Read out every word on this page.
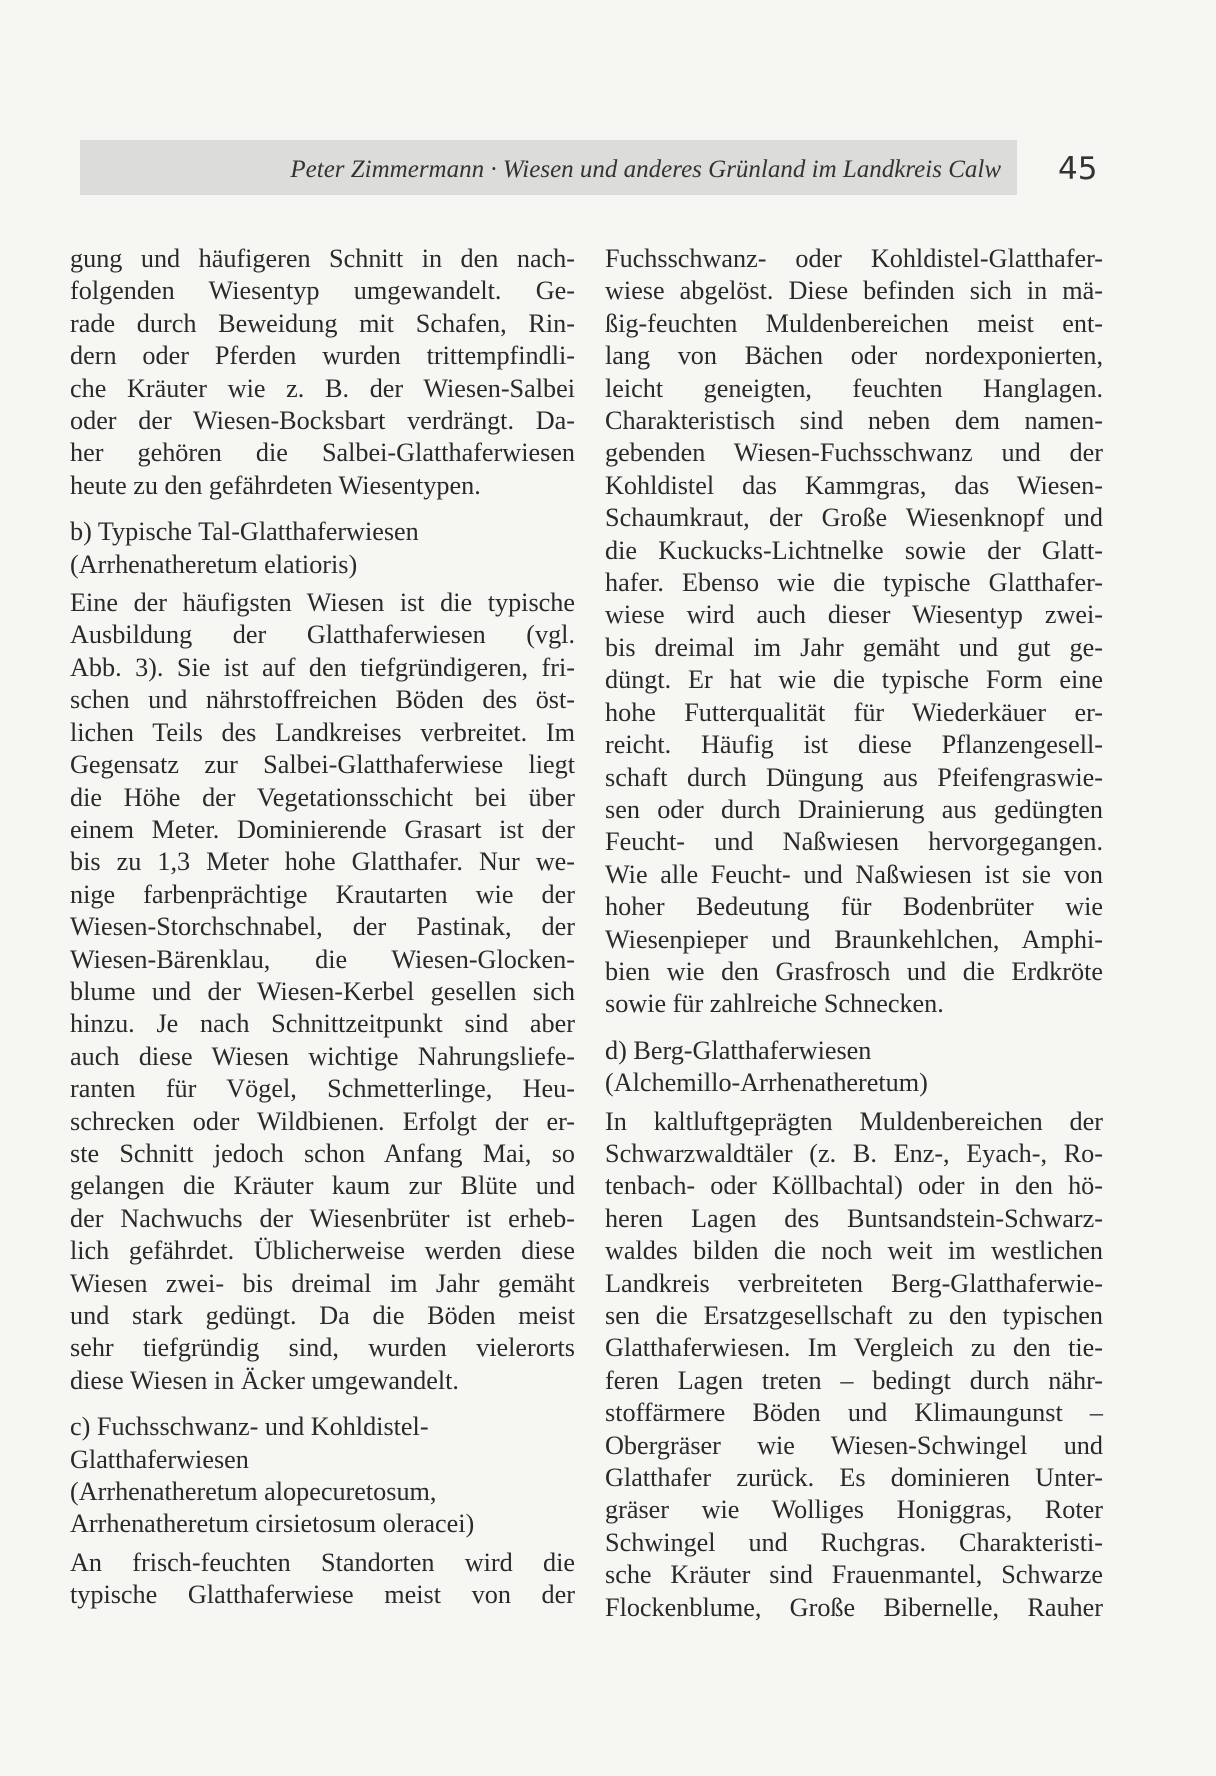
Peter Zimmermann · Wiesen und anderes Grünland im Landkreis Calw 45

gung und häufigeren Schnitt in den nach-
folgenden Wiesentyp umgewandelt. Ge-
rade durch Beweidung mit Schafen, Rin-
dern oder Pferden wurden trittempfindli-
che Kräuter wie z. B. der Wiesen-Salbei
oder der Wiesen-Bocksbart verdrängt. Da-
her gehören die Salbei-Glatthaferwiesen
heute zu den gefährdeten Wiesentypen.

b) Typische Tal-Glatthaferwiesen
(Arrhenatheretum elatioris)

Eine der häufigsten Wiesen ist die typische
Ausbildung der Glatthaferwiesen (vgl.
Abb. 3). Sie ist auf den tiefgründigeren, fri-
schen und nährstoffreichen Böden des öst-
lichen Teils des Landkreises verbreitet. Im
Gegensatz zur Salbei-Glatthaferwiese liegt
die Höhe der Vegetationsschicht bei über
einem Meter. Dominierende Grasart ist der
bis zu 1,3 Meter hohe Glatthafer. Nur we-
nige farbenprächtige Krautarten wie der
Wiesen-Storchschnabel, der Pastinak, der
Wiesen-Bärenklau, die Wiesen-Glocken-
blume und der Wiesen-Kerbel gesellen sich
hinzu. Je nach Schnittzeitpunkt sind aber
auch diese Wiesen wichtige Nahrungsliefe-
ranten für Vögel, Schmetterlinge, Heu-
schrecken oder Wildbienen. Erfolgt der er-
ste Schnitt jedoch schon Anfang Mai, so
gelangen die Kräuter kaum zur Blüte und
der Nachwuchs der Wiesenbrüter ist erheb-
lich gefährdet. Üblicherweise werden diese
Wiesen zwei- bis dreimal im Jahr gemäht
und stark gedüngt. Da die Böden meist
sehr tiefgründig sind, wurden vielerorts
diese Wiesen in Äcker umgewandelt.

c) Fuchsschwanz- und Kohldistel-
Glatthaferwiesen
(Arrhenatheretum alopecuretosum,
Arrhenatheretum cirsietosum oleracei)

An frisch-feuchten Standorten wird die
typische Glatthaferwiese meist von der

Fuchsschwanz- oder Kohldistel-Glatthafer-
wiese abgelöst. Diese befinden sich in mä-
ßig-feuchten Muldenbereichen meist ent-
lang von Bächen oder nordexponierten,
leicht geneigten, feuchten Hanglagen.
Charakteristisch sind neben dem namen-
gebenden Wiesen-Fuchsschwanz und der
Kohldistel das Kammgras, das Wiesen-
Schaumkraut, der Große Wiesenknopf und
die Kuckucks-Lichtnelke sowie der Glatt-
hafer. Ebenso wie die typische Glatthafer-
wiese wird auch dieser Wiesentyp zwei-
bis dreimal im Jahr gemäht und gut ge-
düngt. Er hat wie die typische Form eine
hohe Futterqualität für Wiederkäuer er-
reicht. Häufig ist diese Pflanzengesell-
schaft durch Düngung aus Pfeifengraswie-
sen oder durch Drainierung aus gedüngten
Feucht- und Naßwiesen hervorgegangen.
Wie alle Feucht- und Naßwiesen ist sie von
hoher Bedeutung für Bodenbrüter wie
Wiesenpieper und Braunkehlchen, Amphi-
bien wie den Grasfrosch und die Erdkröte
sowie für zahlreiche Schnecken.

d) Berg-Glatthaferwiesen
(Alchemillo-Arrhenatheretum)

In kaltluftgeprägten Muldenbereichen der
Schwarzwaldtäler (z. B. Enz-, Eyach-, Ro-
tenbach- oder Köllbachtal) oder in den hö-
heren Lagen des Buntsandstein-Schwarz-
waldes bilden die noch weit im westlichen
Landkreis verbreiteten Berg-Glatthaferwie-
sen die Ersatzgesellschaft zu den typischen
Glatthaferwiesen. Im Vergleich zu den tie-
feren Lagen treten – bedingt durch nähr-
stoffärmere Böden und Klimaungunst –
Obergräser wie Wiesen-Schwingel und
Glatthafer zurück. Es dominieren Unter-
gräser wie Wolliges Honiggras, Roter
Schwingel und Ruchgras. Charakteristi-
sche Kräuter sind Frauenmantel, Schwarze
Flockenblume, Große Bibernelle, Rauher
